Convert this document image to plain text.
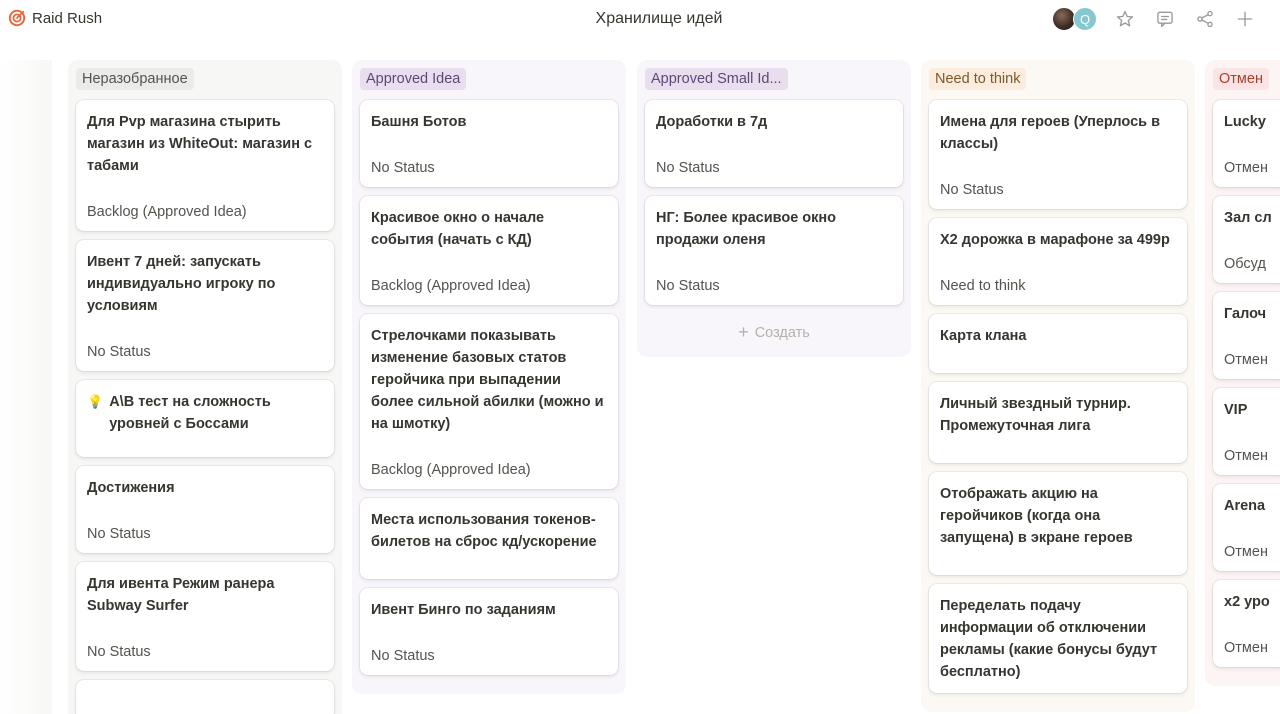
Raid Rush	Хранилище идей	Q
Неразобранное
Для Pvp магазина стырить магазин из WhiteOut: магазин с табами
Backlog (Approved Idea)
Ивент 7 дней: запускать индивидуально игроку по условиям
No Status
💡 A\B тест на сложность уровней с Боссами
Достижения
No Status
Для ивента Режим ранера Subway Surfer
No Status
Approved Idea
Башня Ботов
No Status
Красивое окно о начале события (начать с КД)
Backlog (Approved Idea)
Стрелочками показывать изменение базовых статов геройчика при выпадении более сильной абилки (можно и на шмотку)
Backlog (Approved Idea)
Места использования токенов-билетов на сброс кд/ускорение
Ивент Бинго по заданиям
No Status
Approved Small Id...
Доработки в 7д
No Status
НГ: Более красивое окно продажи оленя
No Status
+ Создать
Need to think
Имена для героев (Уперлось в классы)
No Status
Х2 дорожка в марафоне за 499р
Need to think
Карта клана
Личный звездный турнир. Промежуточная лига
Отображать акцию на геройчиков (когда она запущена) в экране героев
Переделать подачу информации об отключении рекламы (какие бонусы будут бесплатно)
Отмен
Lucky
Отмен
Зал сл
Обсуд
Галоч
Отмен
VIP
Отмен
Arena
Отмен
x2 уро
Отмен
